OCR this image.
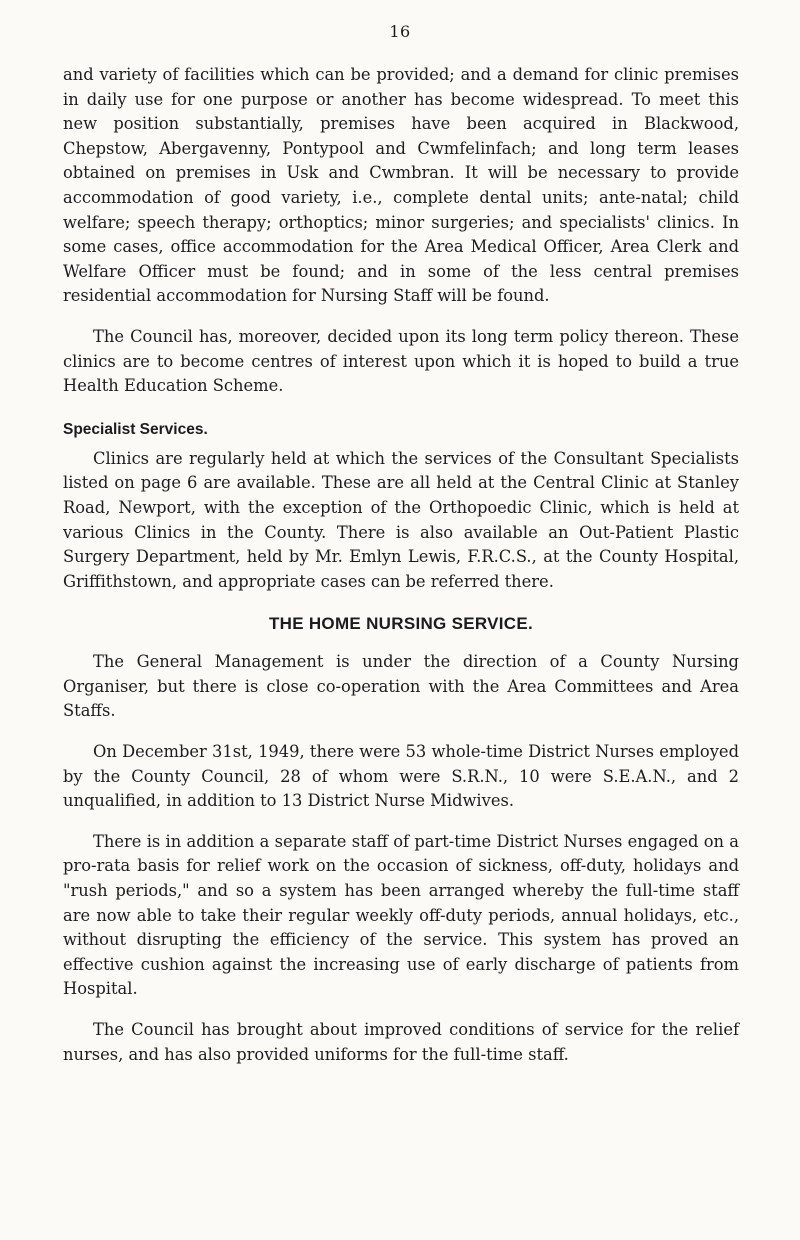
16

and variety of facilities which can be provided; and a demand for clinic premises in daily use for one purpose or another has become widespread. To meet this new position substantially, premises have been acquired in Blackwood, Chepstow, Abergavenny, Pontypool and Cwmfelinfach; and long term leases obtained on premises in Usk and Cwmbran. It will be necessary to provide accommodation of good variety, i.e., complete dental units; ante-natal; child welfare; speech therapy; orthoptics; minor surgeries; and specialists' clinics. In some cases, office accommodation for the Area Medical Officer, Area Clerk and Welfare Officer must be found; and in some of the less central premises residential accommodation for Nursing Staff will be found.

The Council has, moreover, decided upon its long term policy thereon. These clinics are to become centres of interest upon which it is hoped to build a true Health Education Scheme.

Specialist Services.

Clinics are regularly held at which the services of the Consultant Specialists listed on page 6 are available. These are all held at the Central Clinic at Stanley Road, Newport, with the exception of the Orthopoedic Clinic, which is held at various Clinics in the County. There is also available an Out-Patient Plastic Surgery Department, held by Mr. Emlyn Lewis, F.R.C.S., at the County Hospital, Griffithstown, and appropriate cases can be referred there.

THE HOME NURSING SERVICE.

The General Management is under the direction of a County Nursing Organiser, but there is close co-operation with the Area Committees and Area Staffs.

On December 31st, 1949, there were 53 whole-time District Nurses employed by the County Council, 28 of whom were S.R.N., 10 were S.E.A.N., and 2 unqualified, in addition to 13 District Nurse Midwives.

There is in addition a separate staff of part-time District Nurses engaged on a pro-rata basis for relief work on the occasion of sickness, off-duty, holidays and "rush periods," and so a system has been arranged whereby the full-time staff are now able to take their regular weekly off-duty periods, annual holidays, etc., without disrupting the efficiency of the service. This system has proved an effective cushion against the increasing use of early discharge of patients from Hospital.

The Council has brought about improved conditions of service for the relief nurses, and has also provided uniforms for the full-time staff.
